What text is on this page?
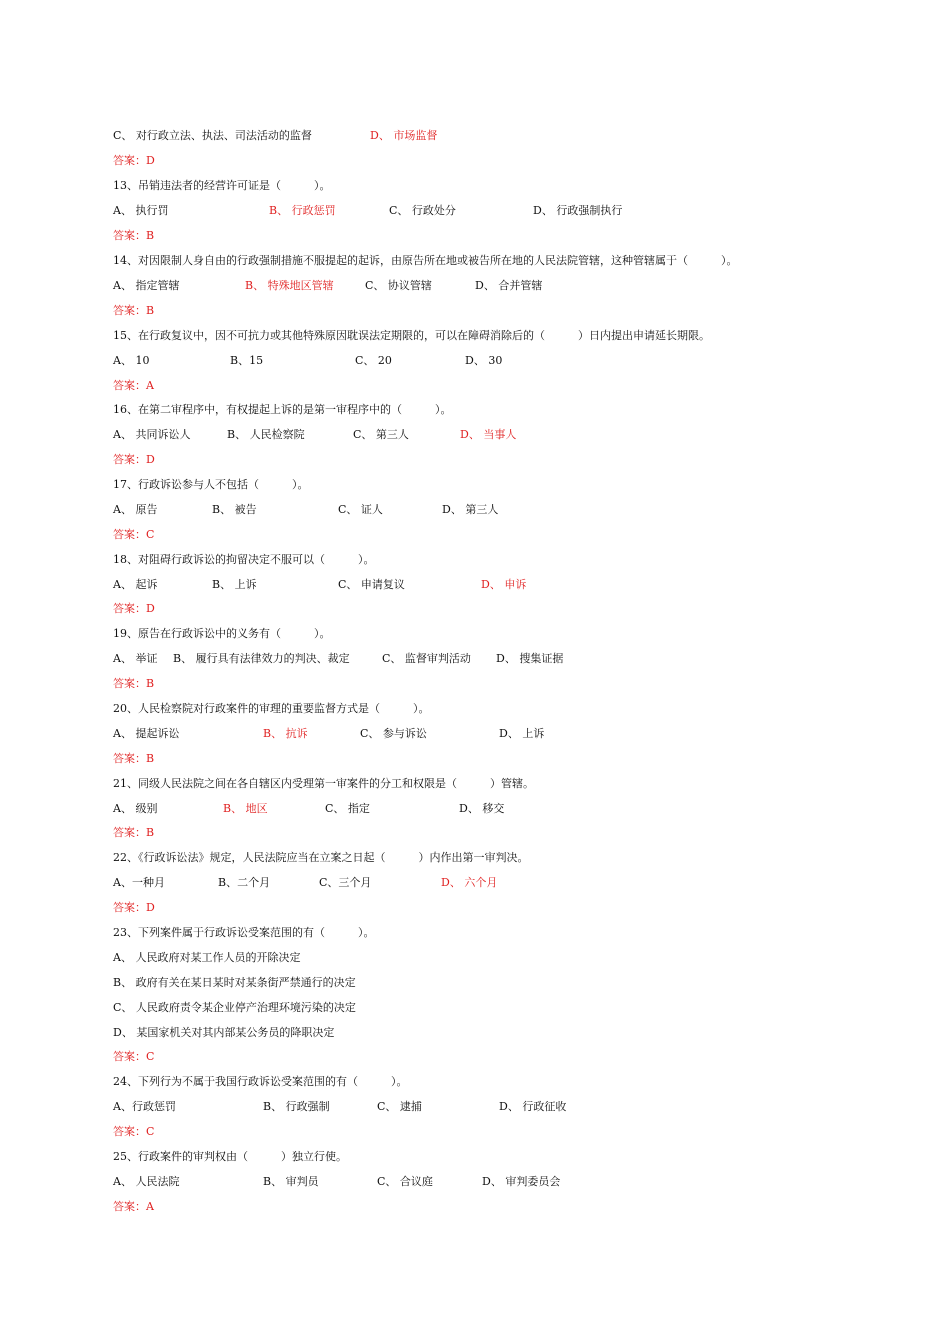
C、 对行政立法、执法、司法活动的监督

	D、 市场监督

答案：D
13、吊销违法者的经营许可证是（　　　）。

A、 执行罚

	B、 行政惩罚

	C、 行政处分

	D、 行政强制执行

答案：B
14、对因限制人身自由的行政强制措施不服提起的起诉，由原告所在地或被告所在地的人民法院管辖，这种管辖属于（　　　）。

A、 指定管辖

	B、 特殊地区管辖

	C、 协议管辖

	D、 合并管辖

答案：B
15、在行政复议中，因不可抗力或其他特殊原因耽误法定期限的，可以在障碍消除后的（　　　）日内提出申请延长期限。

A、 10

	B、15

	C、 20

	D、 30

答案：A
16、在第二审程序中，有权提起上诉的是第一审程序中的（　　　）。

A、 共同诉讼人

	B、 人民检察院

	C、 第三人

	D、 当事人

答案：D
17、行政诉讼参与人不包括（　　　）。

A、 原告

	B、 被告

	C、 证人

	D、 第三人

答案：C
18、对阻碍行政诉讼的拘留决定不服可以（　　　）。

A、 起诉

	B、 上诉

	C、 申请复议

	D、 申诉

答案：D
19、原告在行政诉讼中的义务有（　　　）。

A、 举证

B、 履行具有法律效力的判决、裁定

	C、 监督审判活动

D、 搜集证据

答案：B
20、人民检察院对行政案件的审理的重要监督方式是（　　　）。

A、 提起诉讼

	B、 抗诉

	C、 参与诉讼

	D、 上诉

答案：B
21、同级人民法院之间在各自辖区内受理第一审案件的分工和权限是（　　　）管辖。

A、 级别

	B、 地区

	C、 指定

	D、 移交

答案：B
22、《行政诉讼法》规定，人民法院应当在立案之日起（　　　）内作出第一审判决。

A、一种月

	B、二个月

	C、三个月

	D、 六个月

答案：D
23、下列案件属于行政诉讼受案范围的有（　　　）。
A、 人民政府对某工作人员的开除决定
B、 政府有关在某日某时对某条街严禁通行的决定
C、 人民政府责令某企业停产治理环境污染的决定
D、 某国家机关对其内部某公务员的降职决定
答案：C
24、下列行为不属于我国行政诉讼受案范围的有（　　　）。

A、行政惩罚

	B、 行政强制

	C、 逮捕

	D、 行政征收

答案：C
25、行政案件的审判权由（　　　）独立行使。

A、 人民法院

	B、 审判员

	C、 合议庭

	D、 审判委员会

答案：A
